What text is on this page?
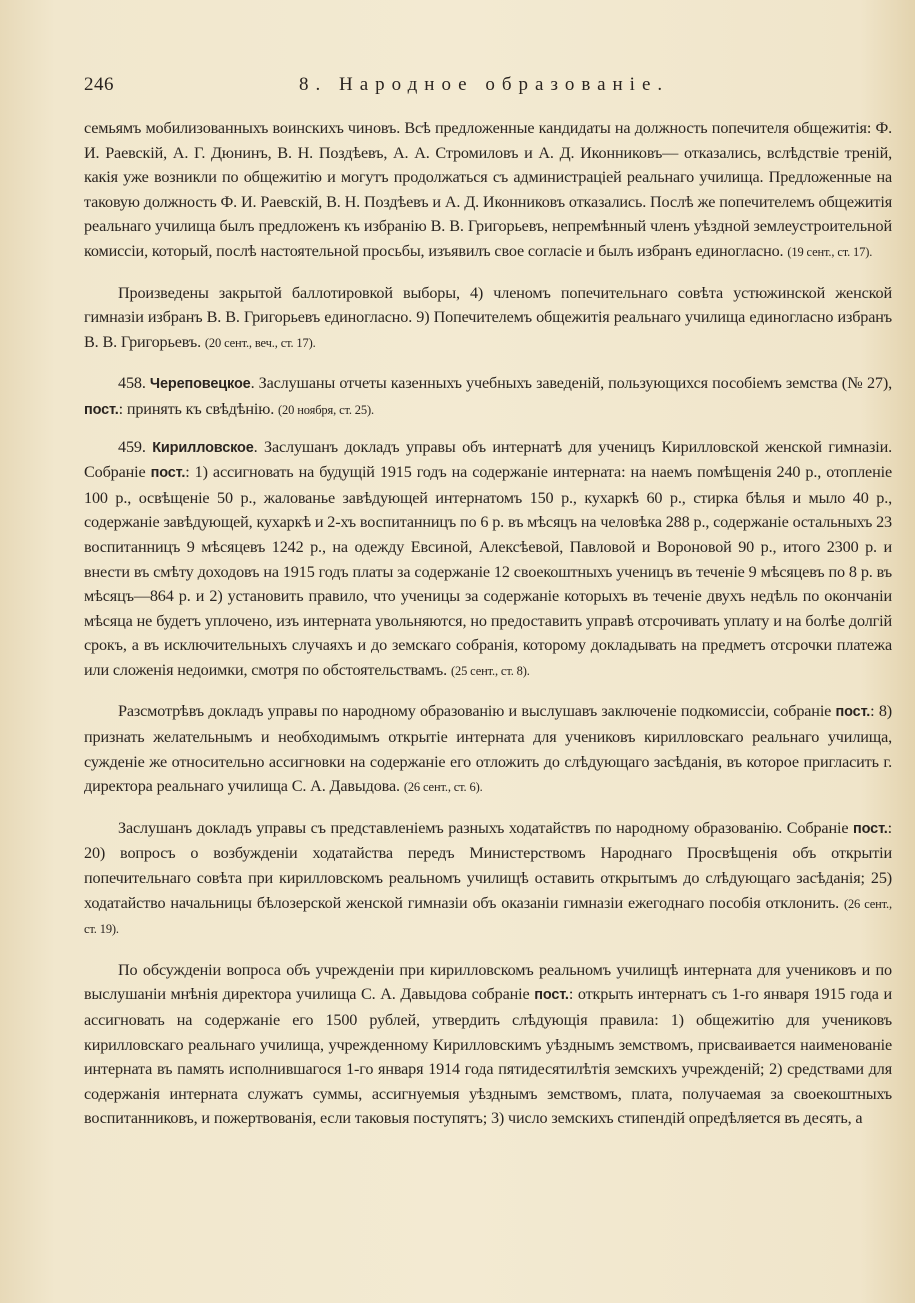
246	8. Народное образованіе.

семьямъ мобилизованныхъ воинскихъ чиновъ. Всѣ предложенные кандидаты на должность попечителя общежитія: Ф. И. Раевскій, А. Г. Дюнинъ, В. Н. Поздѣевъ, А. А. Стромиловъ и А. Д. Иконниковъ— отказались, вслѣдствіе треній, какія уже возникли по общежитію и могутъ продолжаться съ администраціей реальнаго училища. Предложенные на таковую должность Ф. И. Раевскій, В. Н. Поздѣевъ и А. Д. Иконниковъ отказались. Послѣ же попечителемъ общежитія реальнаго училища былъ предложенъ къ избранію В. В. Григорьевъ, непремѣнный членъ уѣздной землеустроительной комиссіи, который, послѣ настоятельной просьбы, изъявилъ свое согласіе и былъ избранъ единогласно. (19 сент., ст. 17).

Произведены закрытой баллотировкой выборы, 4) членомъ попечительнаго совѣта устюжинской женской гимназіи избранъ В. В. Григорьевъ единогласно. 9) Попечителемъ общежитія реальнаго училища единогласно избранъ В. В. Григорьевъ. (20 сент., веч., ст. 17).

458. Череповецкое. Заслушаны отчеты казенныхъ учебныхъ заведеній, пользующихся пособіемъ земства (№ 27), пост.: принять къ свѣдѣнію. (20 ноября, ст. 25).

459. Кирилловское. Заслушанъ докладъ управы объ интернатѣ для ученицъ Кирилловской женской гимназіи. Собраніе пост.: 1) ассигновать на будущій 1915 годъ на содержаніе интерната: на наемъ помѣщенія 240 р., отопленіе 100 р., освѣщеніе 50 р., жалованье завѣдующей интернатомъ 150 р., кухаркѣ 60 р., стирка бѣлья и мыло 40 р., содержаніе завѣдующей, кухаркѣ и 2-хъ воспитанницъ по 6 р. въ мѣсяцъ на человѣка 288 р., содержаніе остальныхъ 23 воспитанницъ 9 мѣсяцевъ 1242 р., на одежду Евсиной, Алексѣевой, Павловой и Вороновой 90 р., итого 2300 р. и внести въ смѣту доходовъ на 1915 годъ платы за содержаніе 12 своекоштныхъ ученицъ въ теченіе 9 мѣсяцевъ по 8 р. въ мѣсяцъ—864 р. и 2) установить правило, что ученицы за содержаніе которыхъ въ теченіе двухъ недѣль по окончаніи мѣсяца не будетъ уплочено, изъ интерната увольняются, но предоставить управѣ отсрочивать уплату и на болѣе долгій срокъ, а въ исключительныхъ случаяхъ и до земскаго собранія, которому докладывать на предметъ отсрочки платежа или сложенія недоимки, смотря по обстоятельствамъ. (25 сент., ст. 8).

Разсмотрѣвъ докладъ управы по народному образованію и выслушавъ заключеніе подкомиссіи, собраніе пост.: 8) признать желательнымъ и необходимымъ открытіе интерната для учениковъ кирилловскаго реальнаго училища, сужденіе же относительно ассигновки на содержаніе его отложить до слѣдующаго засѣданія, въ которое пригласить г. директора реальнаго училища С. А. Давыдова. (26 сент., ст. 6).

Заслушанъ докладъ управы съ представленіемъ разныхъ ходатайствъ по народному образованію. Собраніе пост.: 20) вопросъ о возбужденіи ходатайства передъ Министерствомъ Народнаго Просвѣщенія объ открытіи попечительнаго совѣта при кирилловскомъ реальномъ училищѣ оставить открытымъ до слѣдующаго засѣданія; 25) ходатайство начальницы бѣлозерской женской гимназіи объ оказаніи гимназіи ежегоднаго пособія отклонить. (26 сент., ст. 19).

По обсужденіи вопроса объ учрежденіи при кирилловскомъ реальномъ училищѣ интерната для учениковъ и по выслушаніи мнѣнія директора училища С. А. Давыдова собраніе пост.: открыть интернатъ съ 1-го января 1915 года и ассигновать на содержаніе его 1500 рублей, утвердить слѣдующія правила: 1) общежитію для учениковъ кирилловскаго реальнаго училища, учрежденному Кирилловскимъ уѣзднымъ земствомъ, присваивается наименованіе интерната въ память исполнившагося 1-го января 1914 года пятидесятилѣтія земскихъ учрежденій; 2) средствами для содержанія интерната служатъ суммы, ассигнуемыя уѣзднымъ земствомъ, плата, получаемая за своекоштныхъ воспитанниковъ, и пожертвованія, если таковыя поступятъ; 3) число земскихъ стипендій опредѣляется въ десять, а
